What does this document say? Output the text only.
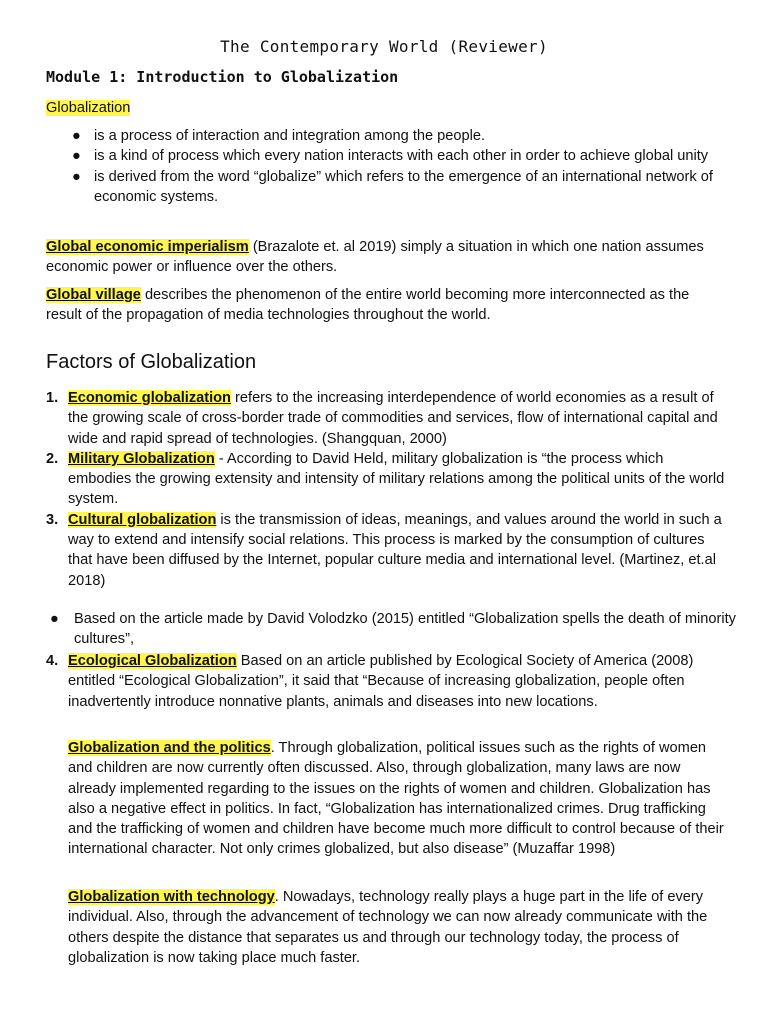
The Contemporary World (Reviewer)
Module 1: Introduction to Globalization

Globalization

● is a process of interaction and integration among the people.
● is a kind of process which every nation interacts with each other in order to achieve global unity
● is derived from the word “globalize” which refers to the emergence of an international network of economic systems.

Global economic imperialism (Brazalote et. al 2019) simply a situation in which one nation assumes economic power or influence over the others.

Global village describes the phenomenon of the entire world becoming more interconnected as the result of the propagation of media technologies throughout the world.

Factors of Globalization
1. Economic globalization refers to the increasing interdependence of world economies as a result of the growing scale of cross-border trade of commodities and services, flow of international capital and wide and rapid spread of technologies. (Shangquan, 2000)
2. Military Globalization - According to David Held, military globalization is “the process which embodies the growing extensity and intensity of military relations among the political units of the world system.
3. Cultural globalization is the transmission of ideas, meanings, and values around the world in such a way to extend and intensify social relations. This process is marked by the consumption of cultures that have been diffused by the Internet, popular culture media and international level. (Martinez, et.al 2018)
● Based on the article made by David Volodzko (2015) entitled “Globalization spells the death of minority cultures”,
4. Ecological Globalization Based on an article published by Ecological Society of America (2008) entitled “Ecological Globalization”, it said that “Because of increasing globalization, people often inadvertently introduce nonnative plants, animals and diseases into new locations.
Globalization and the politics. Through globalization, political issues such as the rights of women and children are now currently often discussed. Also, through globalization, many laws are now already implemented regarding to the issues on the rights of women and children. Globalization has also a negative effect in politics. In fact, “Globalization has internationalized crimes. Drug trafficking and the trafficking of women and children have become much more difficult to control because of their international character. Not only crimes globalized, but also disease” (Muzaffar 1998)
Globalization with technology. Nowadays, technology really plays a huge part in the life of every individual. Also, through the advancement of technology we can now already communicate with the others despite the distance that separates us and through our technology today, the process of globalization is now taking place much faster.
